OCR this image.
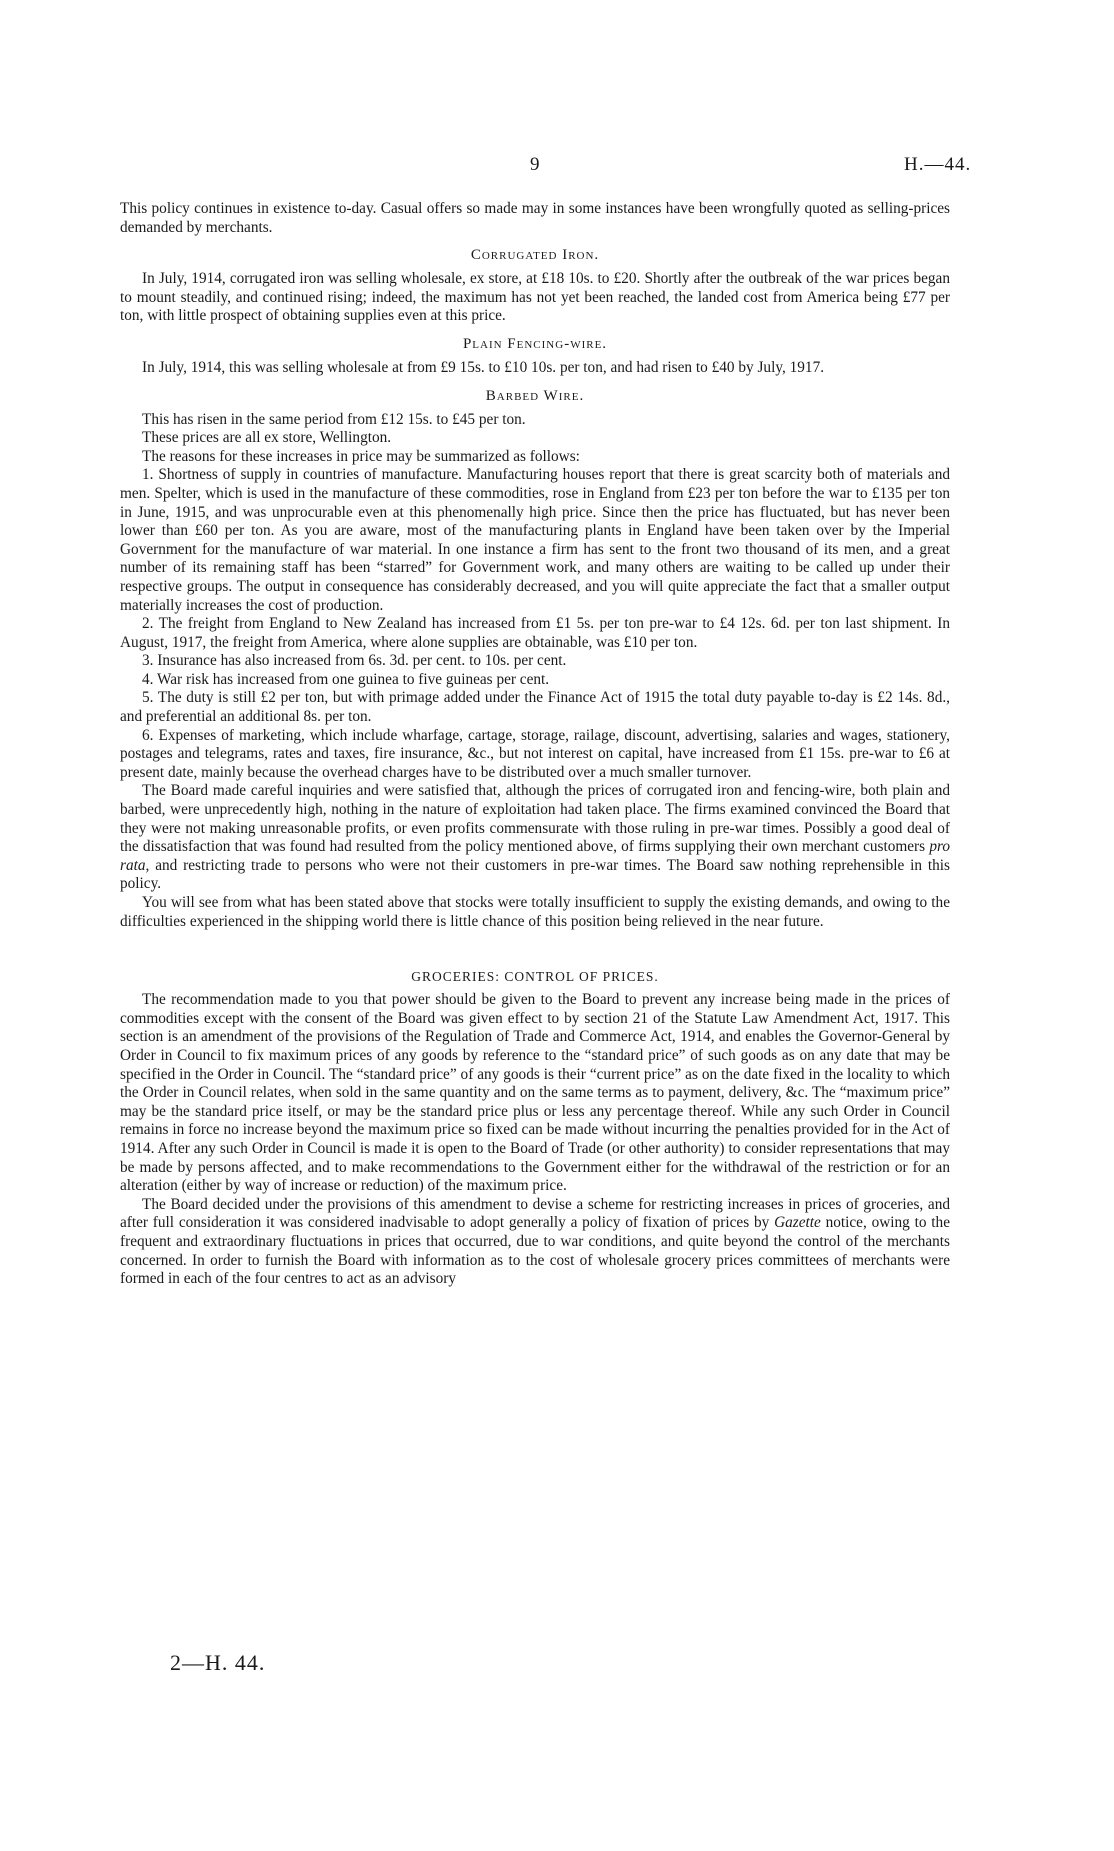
9	H.—44.

This policy continues in existence to-day. Casual offers so made may in some instances have been wrongfully quoted as selling-prices demanded by merchants.

Corrugated Iron.

In July, 1914, corrugated iron was selling wholesale, ex store, at £18 10s. to £20. Shortly after the outbreak of the war prices began to mount steadily, and continued rising; indeed, the maximum has not yet been reached, the landed cost from America being £77 per ton, with little prospect of obtaining supplies even at this price.

Plain Fencing-wire.

In July, 1914, this was selling wholesale at from £9 15s. to £10 10s. per ton, and had risen to £40 by July, 1917.

Barbed Wire.

This has risen in the same period from £12 15s. to £45 per ton.

These prices are all ex store, Wellington.

The reasons for these increases in price may be summarized as follows:

1. Shortness of supply in countries of manufacture. Manufacturing houses report that there is great scarcity both of materials and men. Spelter, which is used in the manufacture of these commodities, rose in England from £23 per ton before the war to £135 per ton in June, 1915, and was unprocurable even at this phenomenally high price. Since then the price has fluctuated, but has never been lower than £60 per ton. As you are aware, most of the manufacturing plants in England have been taken over by the Imperial Government for the manufacture of war material. In one instance a firm has sent to the front two thousand of its men, and a great number of its remaining staff has been “starred” for Government work, and many others are waiting to be called up under their respective groups. The output in consequence has considerably decreased, and you will quite appreciate the fact that a smaller output materially increases the cost of production.

2. The freight from England to New Zealand has increased from £1 5s. per ton pre-war to £4 12s. 6d. per ton last shipment. In August, 1917, the freight from America, where alone supplies are obtainable, was £10 per ton.

3. Insurance has also increased from 6s. 3d. per cent. to 10s. per cent.

4. War risk has increased from one guinea to five guineas per cent.

5. The duty is still £2 per ton, but with primage added under the Finance Act of 1915 the total duty payable to-day is £2 14s. 8d., and preferential an additional 8s. per ton.

6. Expenses of marketing, which include wharfage, cartage, storage, railage, discount, advertising, salaries and wages, stationery, postages and telegrams, rates and taxes, fire insurance, &c., but not interest on capital, have increased from £1 15s. pre-war to £6 at present date, mainly because the overhead charges have to be distributed over a much smaller turnover.

The Board made careful inquiries and were satisfied that, although the prices of corrugated iron and fencing-wire, both plain and barbed, were unprecedently high, nothing in the nature of exploitation had taken place. The firms examined convinced the Board that they were not making unreasonable profits, or even profits commensurate with those ruling in pre-war times. Possibly a good deal of the dissatisfaction that was found had resulted from the policy mentioned above, of firms supplying their own merchant customers pro rata, and restricting trade to persons who were not their customers in pre-war times. The Board saw nothing reprehensible in this policy.

You will see from what has been stated above that stocks were totally insufficient to supply the existing demands, and owing to the difficulties experienced in the shipping world there is little chance of this position being relieved in the near future.

GROCERIES: CONTROL OF PRICES.

The recommendation made to you that power should be given to the Board to prevent any increase being made in the prices of commodities except with the consent of the Board was given effect to by section 21 of the Statute Law Amendment Act, 1917. This section is an amendment of the provisions of the Regulation of Trade and Commerce Act, 1914, and enables the Governor-General by Order in Council to fix maximum prices of any goods by reference to the “standard price” of such goods as on any date that may be specified in the Order in Council. The “standard price” of any goods is their “current price” as on the date fixed in the locality to which the Order in Council relates, when sold in the same quantity and on the same terms as to payment, delivery, &c. The “maximum price” may be the standard price itself, or may be the standard price plus or less any percentage thereof. While any such Order in Council remains in force no increase beyond the maximum price so fixed can be made without incurring the penalties provided for in the Act of 1914. After any such Order in Council is made it is open to the Board of Trade (or other authority) to consider representations that may be made by persons affected, and to make recommendations to the Government either for the withdrawal of the restriction or for an alteration (either by way of increase or reduction) of the maximum price.

The Board decided under the provisions of this amendment to devise a scheme for restricting increases in prices of groceries, and after full consideration it was considered inadvisable to adopt generally a policy of fixation of prices by Gazette notice, owing to the frequent and extraordinary fluctuations in prices that occurred, due to war conditions, and quite beyond the control of the merchants concerned. In order to furnish the Board with information as to the cost of wholesale grocery prices committees of merchants were formed in each of the four centres to act as an advisory

2—H. 44.
